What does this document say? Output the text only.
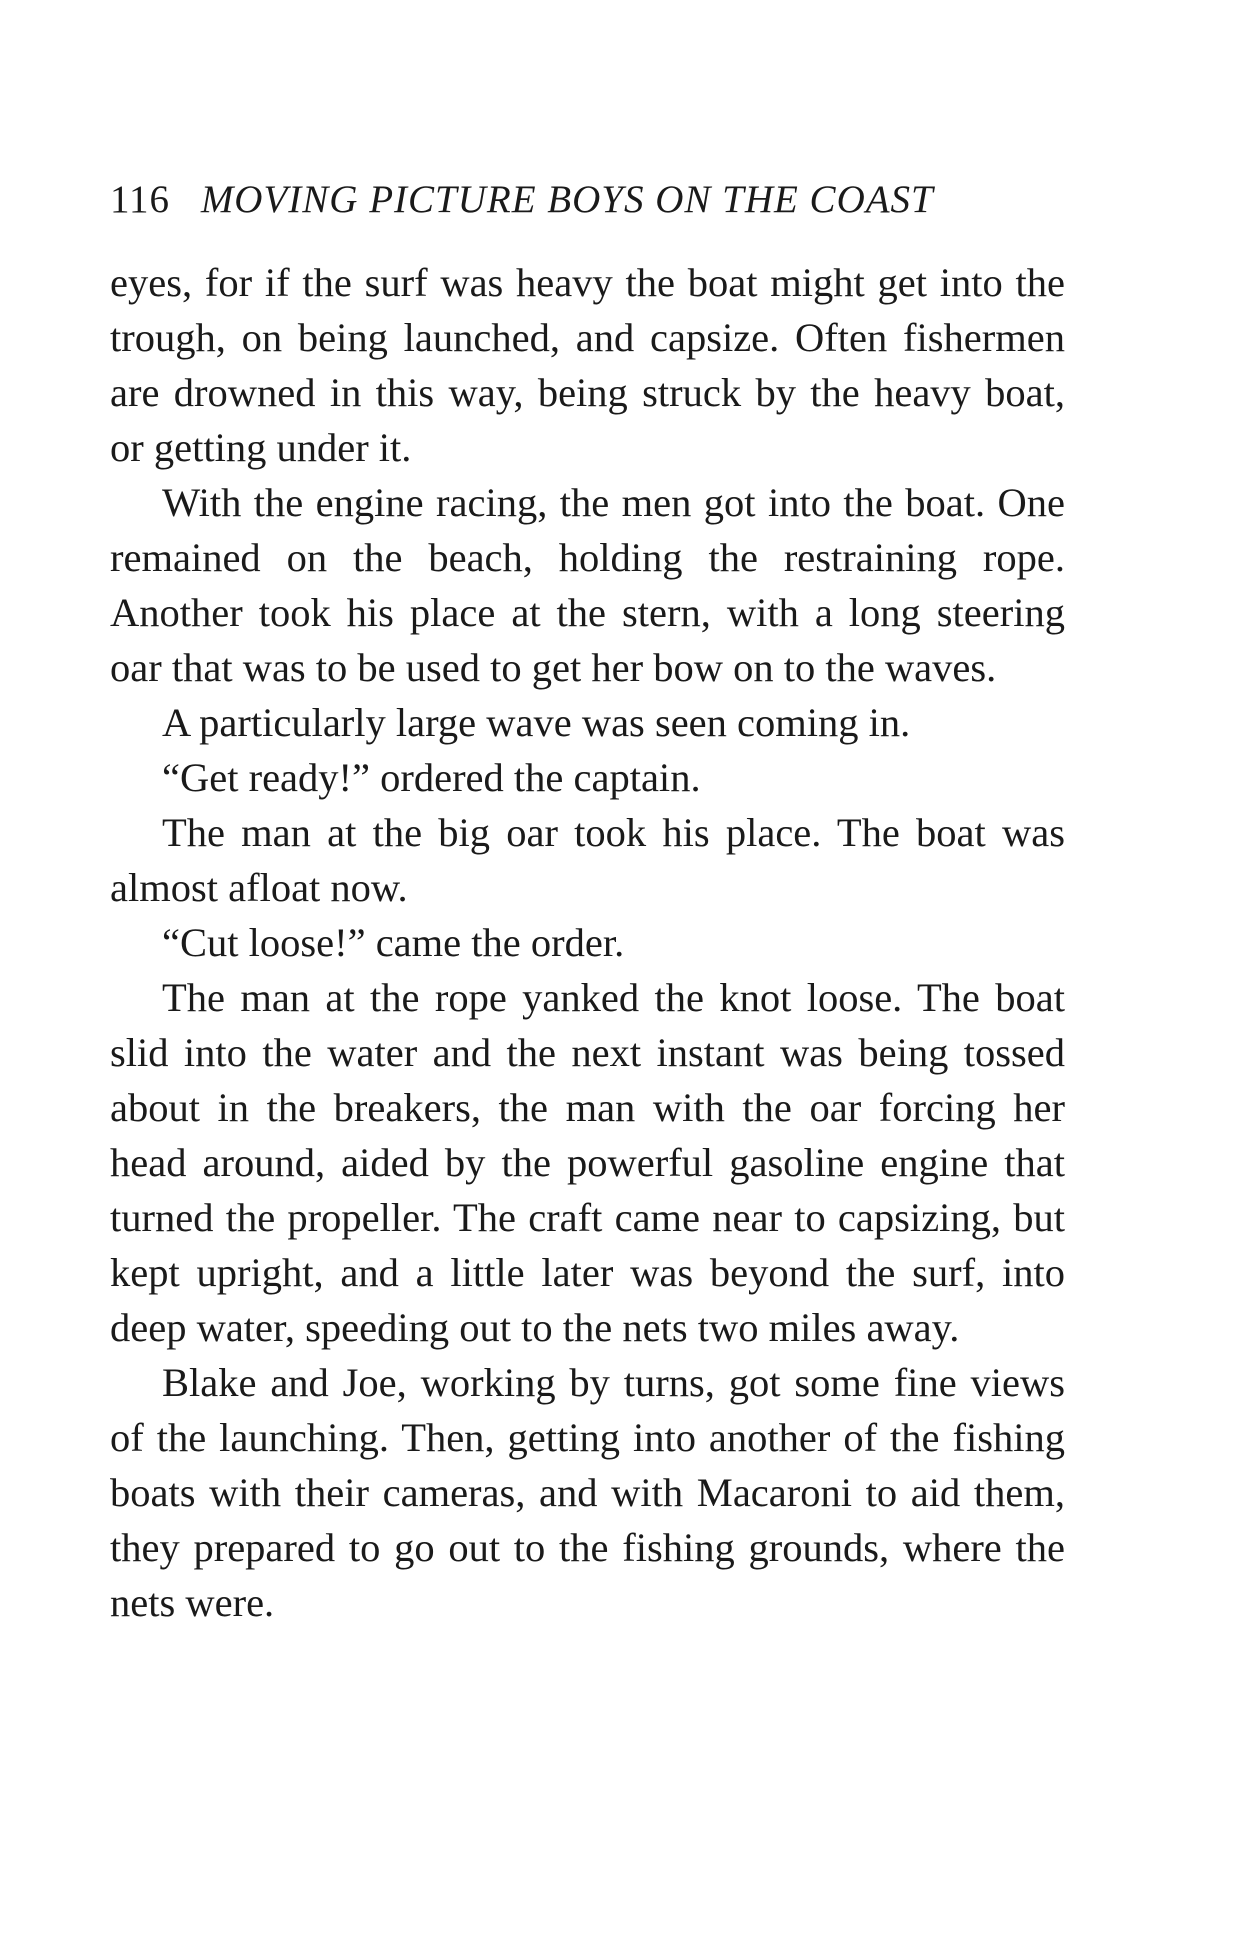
116 MOVING PICTURE BOYS ON THE COAST

eyes, for if the surf was heavy the boat might get into the trough, on being launched, and capsize. Often fishermen are drowned in this way, being struck by the heavy boat, or getting under it.

With the engine racing, the men got into the boat. One remained on the beach, holding the restraining rope. Another took his place at the stern, with a long steering oar that was to be used to get her bow on to the waves.

A particularly large wave was seen coming in.

“Get ready!” ordered the captain.

The man at the big oar took his place. The boat was almost afloat now.

“Cut loose!” came the order.

The man at the rope yanked the knot loose. The boat slid into the water and the next instant was being tossed about in the breakers, the man with the oar forcing her head around, aided by the powerful gasoline engine that turned the propeller. The craft came near to capsizing, but kept upright, and a little later was beyond the surf, into deep water, speeding out to the nets two miles away.

Blake and Joe, working by turns, got some fine views of the launching. Then, getting into another of the fishing boats with their cameras, and with Macaroni to aid them, they prepared to go out to the fishing grounds, where the nets were.
